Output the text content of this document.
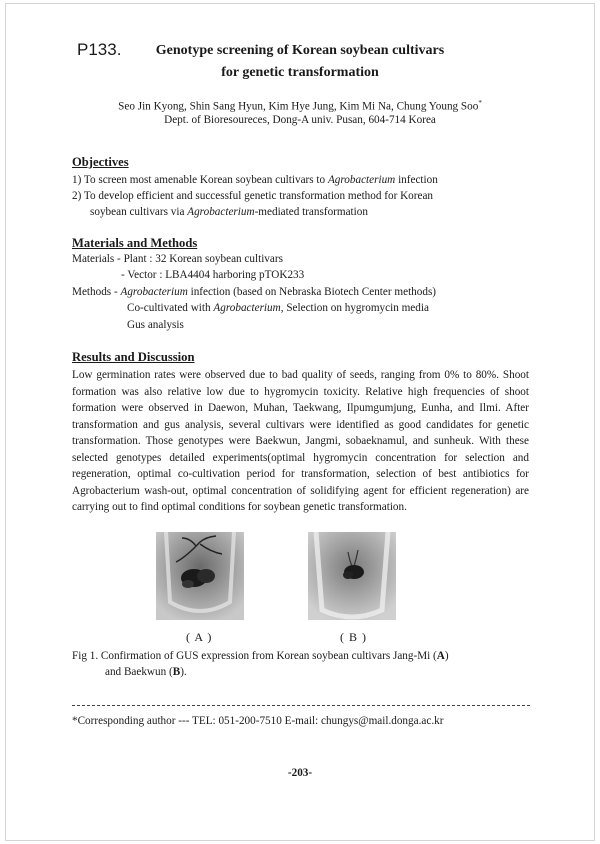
P133.	Genotype screening of Korean soybean cultivars
for genetic transformation
Seo Jin Kyong, Shin Sang Hyun, Kim Hye Jung, Kim Mi Na, Chung Young Soo*
Dept. of Bioresoureces, Dong-A univ. Pusan, 604-714 Korea
Objectives
1) To screen most amenable Korean soybean cultivars to Agrobacterium infection
2) To develop efficient and successful genetic transformation method for Korean
soybean cultivars via Agrobacterium-mediated transformation
Materials and Methods
Materials - Plant : 32 Korean soybean cultivars
- Vector : LBA4404 harboring pTOK233
Methods - Agrobacterium infection (based on Nebraska Biotech Center methods)
Co-cultivated with Agrobacterium, Selection on hygromycin media
Gus analysis
Results and Discussion
Low germination rates were observed due to bad quality of seeds, ranging from 0% to 80%. Shoot formation was also relative low due to hygromycin toxicity. Relative high frequencies of shoot formation were observed in Daewon, Muhan, Taekwang, Ilpumgumjung, Eunha, and Ilmi. After transformation and gus analysis, several cultivars were identified as good candidates for genetic transformation. Those genotypes were Baekwun, Jangmi, sobaeknamul, and sunheuk. With these selected genotypes detailed experiments(optimal hygromycin concentration for selection and regeneration, optimal co-cultivation period for transformation, selection of best antibiotics for Agrobacterium wash-out, optimal concentration of solidifying agent for efficient regeneration) are carrying out to find optimal conditions for soybean genetic transformation.
( A )	( B )
Fig 1. Confirmation of GUS expression from Korean soybean cultivars Jang-Mi (A)
and Baekwun (B).
*Corresponding author --- TEL: 051-200-7510 E-mail: chungys@mail.donga.ac.kr
-203-
